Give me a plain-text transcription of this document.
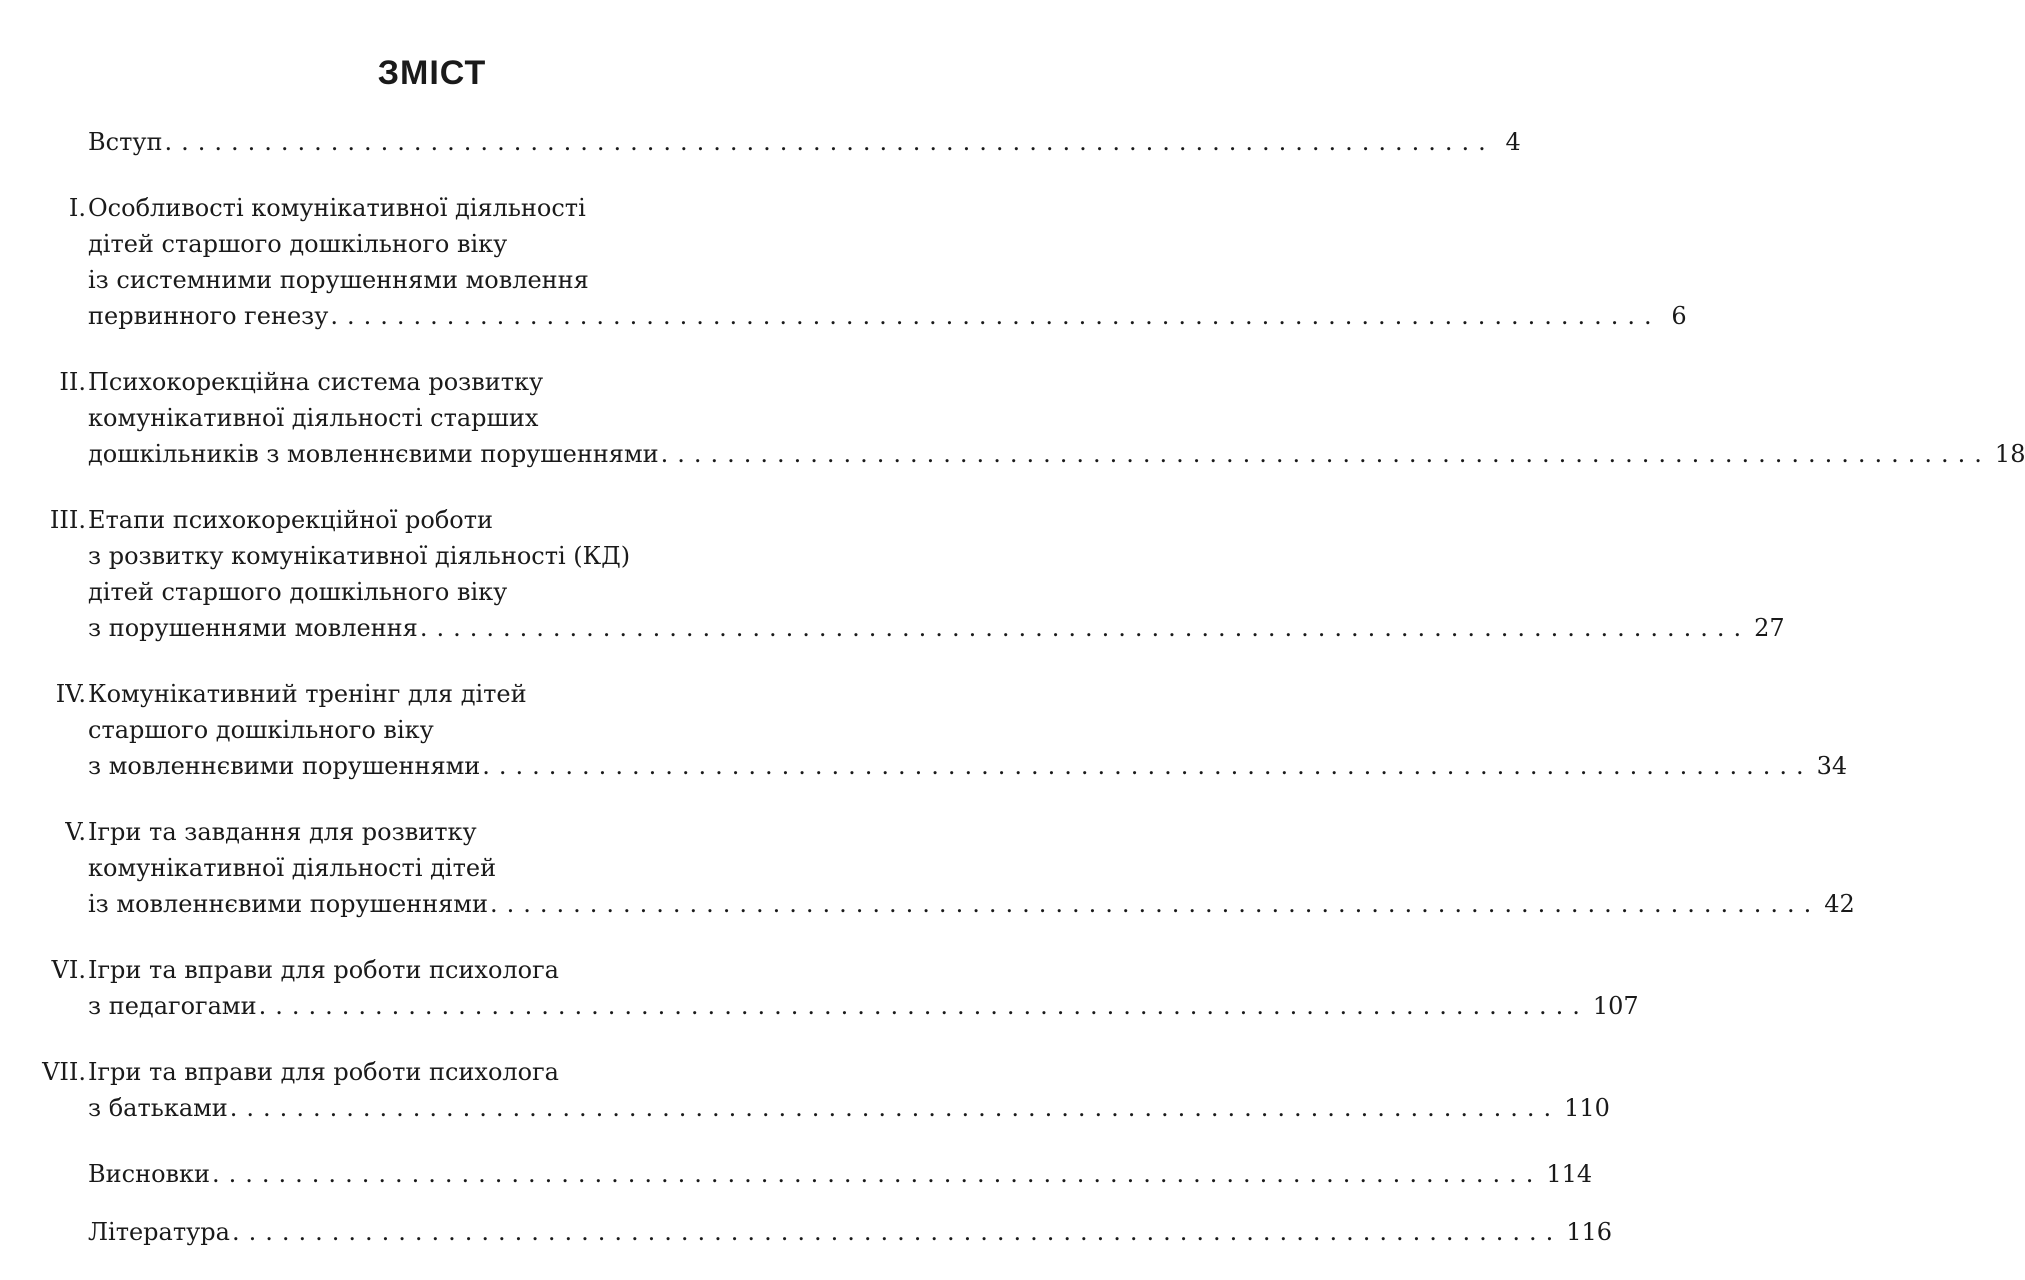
ЗМІСТ
Вступ ................................................................................ 4
I. Особливості комунікативної діяльності
дітей старшого дошкільного віку
із системними порушеннями мовлення
первинного генезу ................................................................................ 6
II. Психокорекційна система розвитку
комунікативної діяльності старших
дошкільників з мовленнєвими порушеннями ................................................................................ 18
III. Етапи психокорекційної роботи
з розвитку комунікативної діяльності (КД)
дітей старшого дошкільного віку
з порушеннями мовлення ................................................................................ 27
IV. Комунікативний тренінг для дітей
старшого дошкільного віку
з мовленнєвими порушеннями ................................................................................ 34
V. Ігри та завдання для розвитку
комунікативної діяльності дітей
із мовленнєвими порушеннями ................................................................................ 42
VI. Ігри та вправи для роботи психолога
з педагогами ................................................................................ 107
VII. Ігри та вправи для роботи психолога
з батьками ................................................................................ 110
Висновки ................................................................................ 114
Література ................................................................................ 116
